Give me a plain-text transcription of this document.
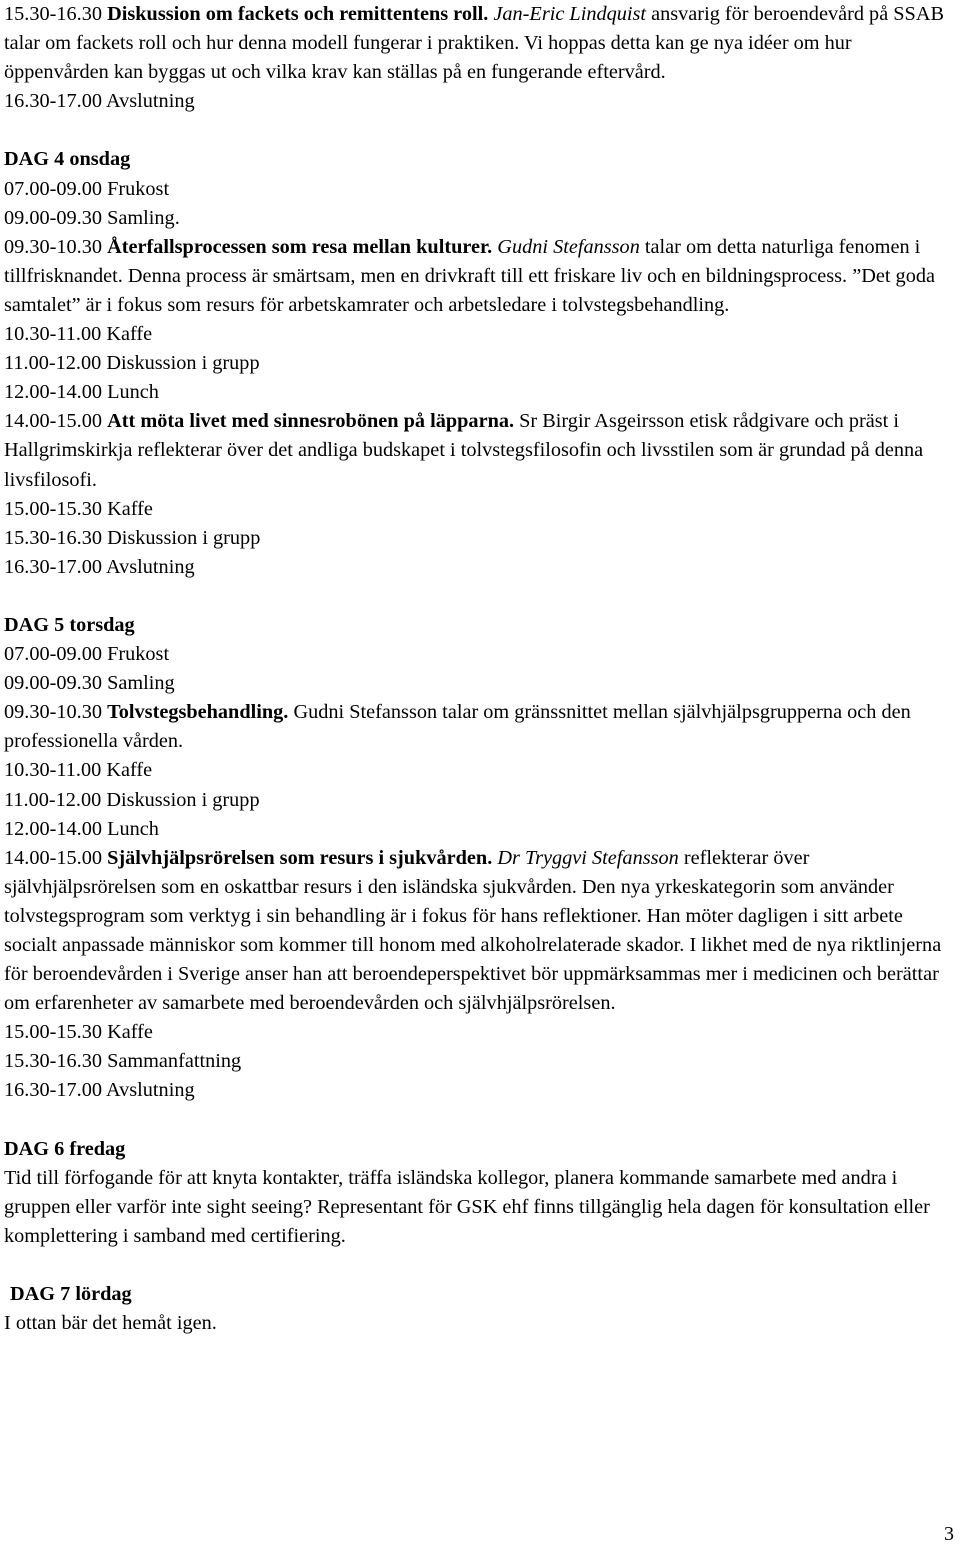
15.30-16.30 Diskussion om fackets och remittentens roll. Jan-Eric Lindquist ansvarig för beroendevård på SSAB talar om fackets roll och hur denna modell fungerar i praktiken. Vi hoppas detta kan ge nya idéer om hur öppenvården kan byggas ut och vilka krav kan ställas på en fungerande eftervård.

16.30-17.00 Avslutning

DAG 4 onsdag

07.00-09.00 Frukost

09.00-09.30 Samling.

09.30-10.30 Återfallsprocessen som resa mellan kulturer. Gudni Stefansson talar om detta naturliga fenomen i tillfrisknandet. Denna process är smärtsam, men en drivkraft till ett friskare liv och en bildningsprocess. ”Det goda samtalet” är i fokus som resurs för arbetskamrater och arbetsledare i tolvstegsbehandling.

10.30-11.00 Kaffe

11.00-12.00 Diskussion i grupp

12.00-14.00 Lunch

14.00-15.00 Att möta livet med sinnesrobönen på läpparna. Sr Birgir Asgeirsson etisk rådgivare och präst i Hallgrimskirkja reflekterar över det andliga budskapet i tolvstegsfilosofin och livsstilen som är grundad på denna livsfilosofi.

15.00-15.30 Kaffe

15.30-16.30 Diskussion i grupp

16.30-17.00 Avslutning

DAG 5 torsdag

07.00-09.00 Frukost

09.00-09.30 Samling

09.30-10.30 Tolvstegsbehandling. Gudni Stefansson talar om gränssnittet mellan självhjälpsgrupperna och den professionella vården.

10.30-11.00 Kaffe

11.00-12.00 Diskussion i grupp

12.00-14.00 Lunch

14.00-15.00 Självhjälpsrörelsen som resurs i sjukvården. Dr Tryggvi Stefansson reflekterar över självhjälpsrörelsen som en oskattbar resurs i den isländska sjukvården. Den nya yrkeskategorin som använder tolvstegsprogram som verktyg i sin behandling är i fokus för hans reflektioner. Han möter dagligen i sitt arbete socialt anpassade människor som kommer till honom med alkoholrelaterade skador. I likhet med de nya riktlinjerna för beroendevården i Sverige anser han att beroendeperspektivet bör uppmärksammas mer i medicinen och berättar om erfarenheter av samarbete med beroendevården och självhjälpsrörelsen.

15.00-15.30 Kaffe

15.30-16.30 Sammanfattning

16.30-17.00 Avslutning

DAG 6 fredag

Tid till förfogande för att knyta kontakter, träffa isländska kollegor, planera kommande samarbete med andra i gruppen eller varför inte sight seeing? Representant för GSK ehf finns tillgänglig hela dagen för konsultation eller komplettering i samband med certifiering.

DAG 7 lördag

I ottan bär det hemåt igen.

3
